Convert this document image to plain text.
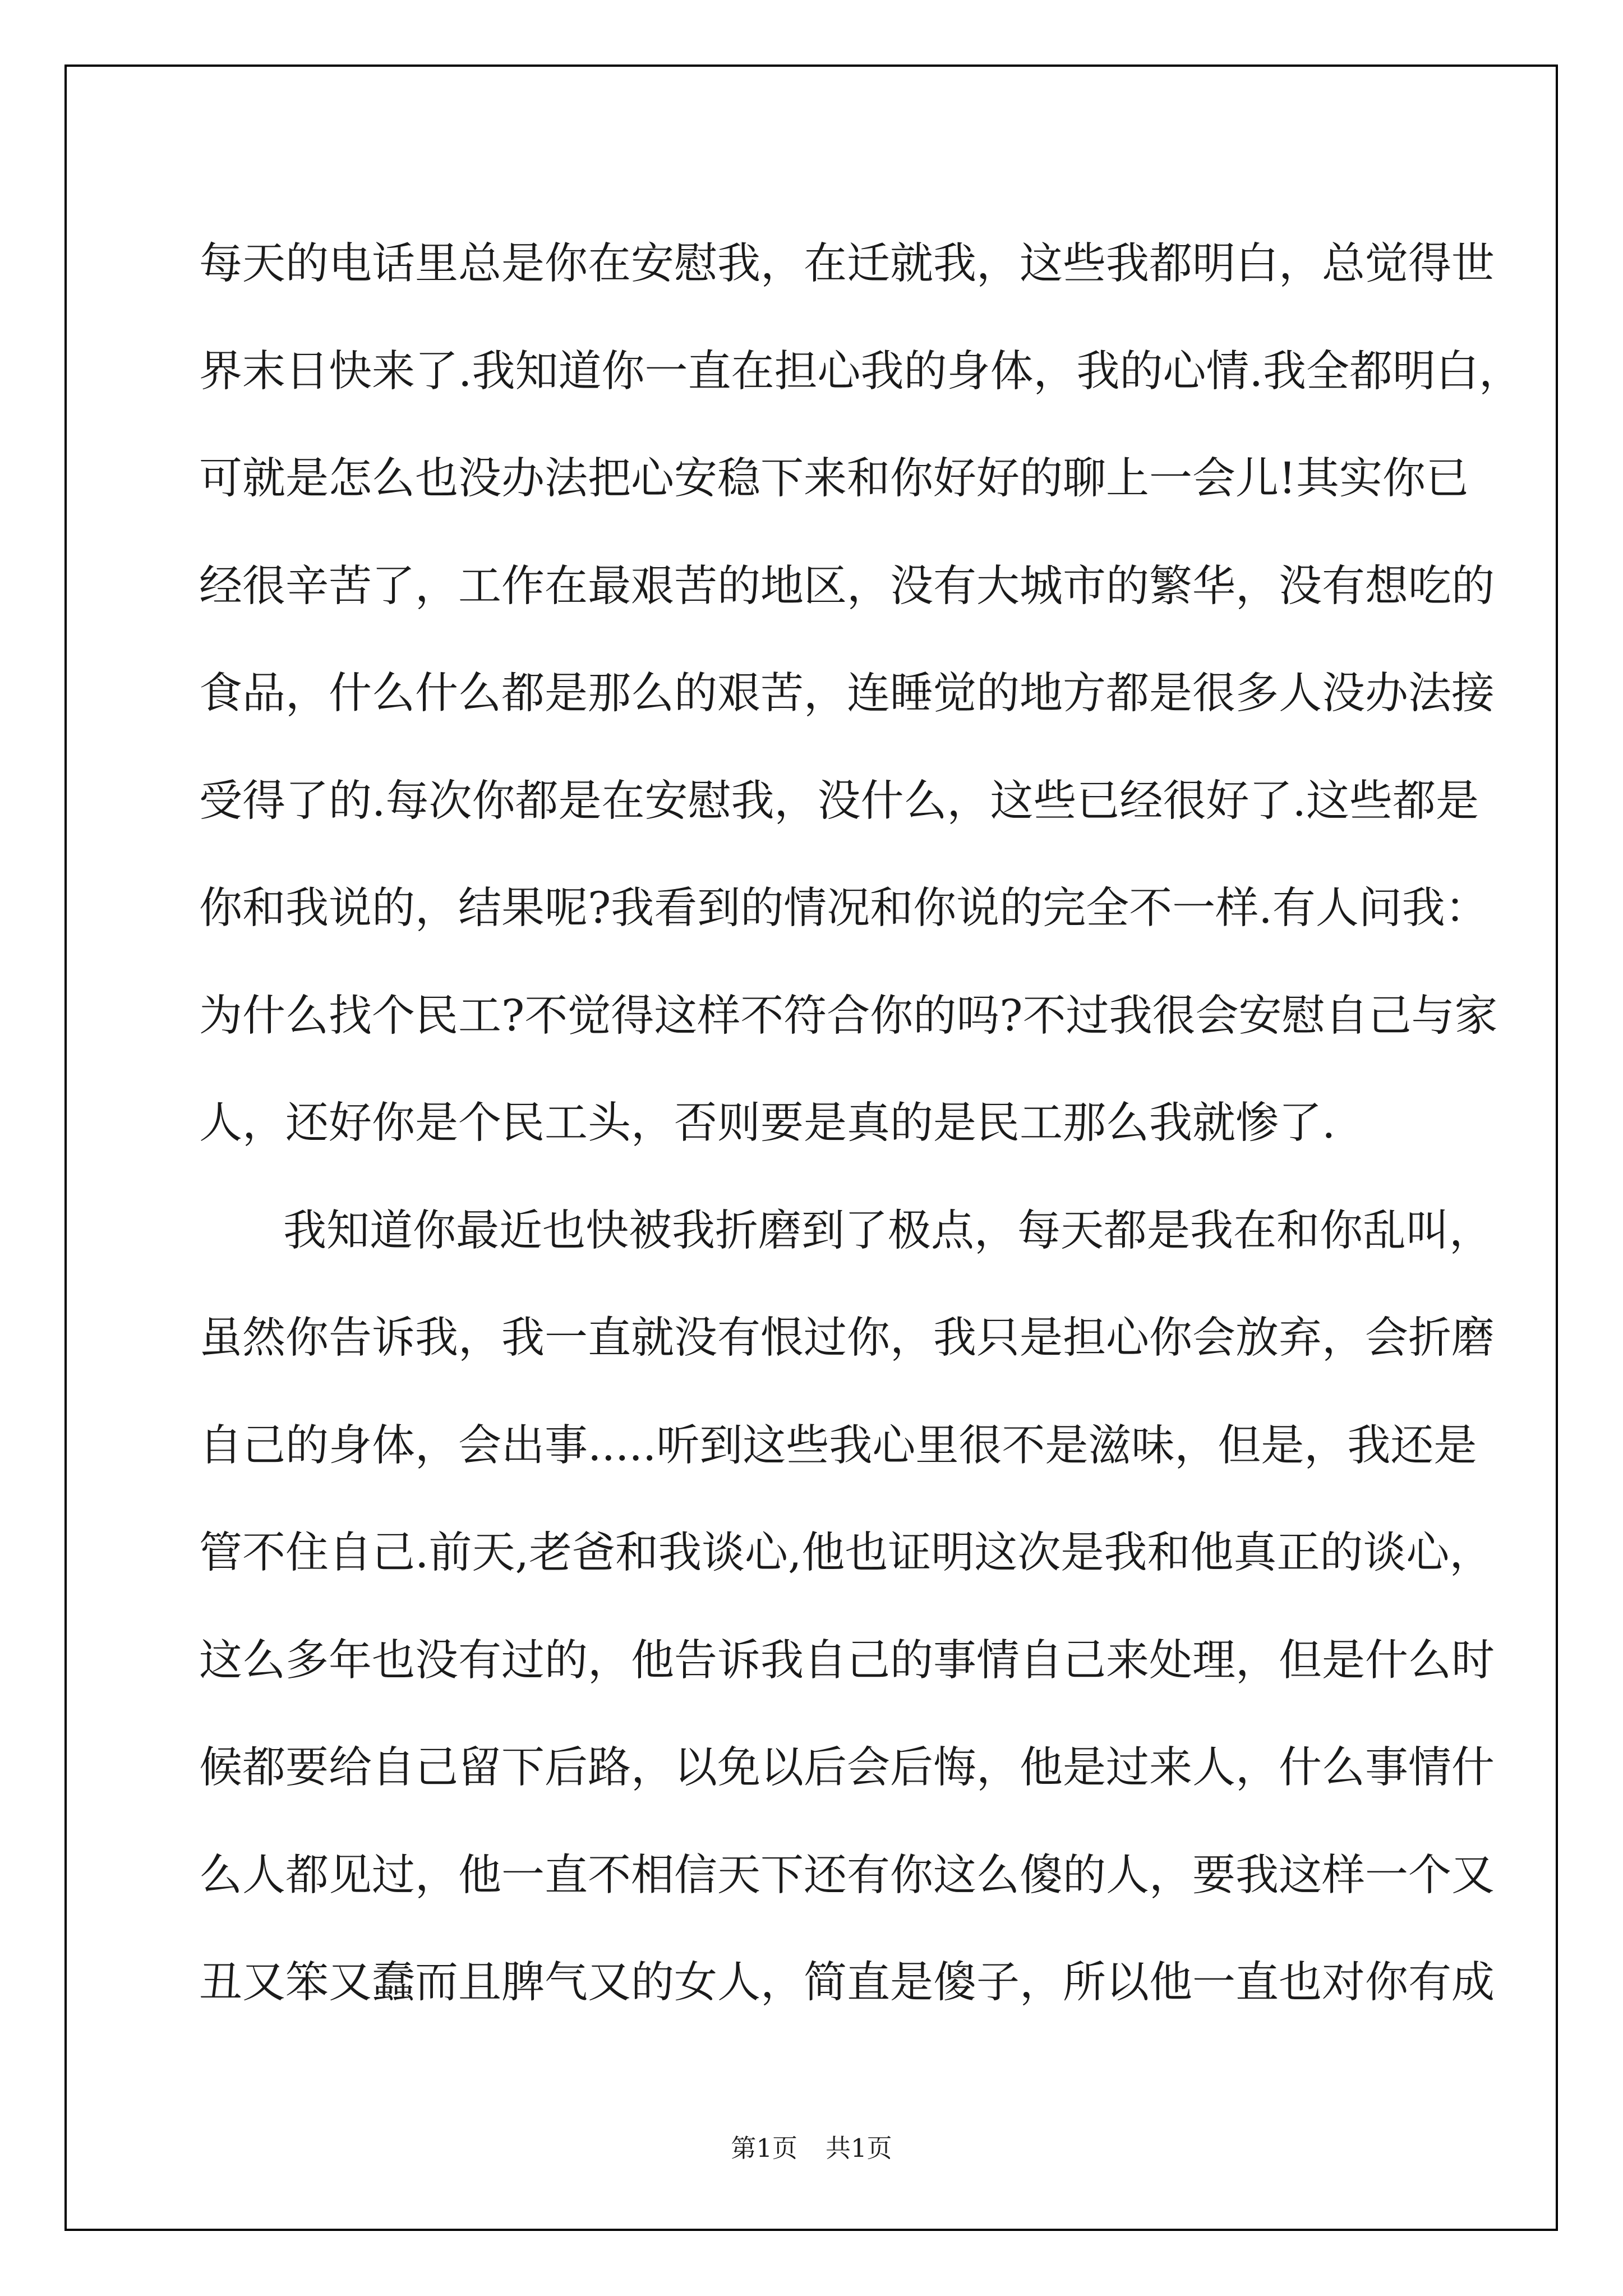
每天的电话里总是你在安慰我，在迁就我，这些我都明白，总觉得世
界末日快来了.我知道你一直在担心我的身体，我的心情.我全都明白，
可就是怎么也没办法把心安稳下来和你好好的聊上一会儿!其实你已
经很辛苦了，工作在最艰苦的地区，没有大城市的繁华，没有想吃的
食品，什么什么都是那么的艰苦，连睡觉的地方都是很多人没办法接
受得了的.每次你都是在安慰我，没什么，这些已经很好了.这些都是
你和我说的，结果呢?我看到的情况和你说的完全不一样.有人问我：
为什么找个民工?不觉得这样不符合你的吗?不过我很会安慰自己与家
人，还好你是个民工头，否则要是真的是民工那么我就惨了.
我知道你最近也快被我折磨到了极点，每天都是我在和你乱叫，
虽然你告诉我，我一直就没有恨过你，我只是担心你会放弃，会折磨
自己的身体，会出事.....听到这些我心里很不是滋味，但是，我还是
管不住自己.前天,老爸和我谈心,他也证明这次是我和他真正的谈心，
这么多年也没有过的，他告诉我自己的事情自己来处理，但是什么时
候都要给自己留下后路，以免以后会后悔，他是过来人，什么事情什
么人都见过，他一直不相信天下还有你这么傻的人，要我这样一个又
丑又笨又蠢而且脾气又的女人，简直是傻子，所以他一直也对你有成
第1页 共1页
